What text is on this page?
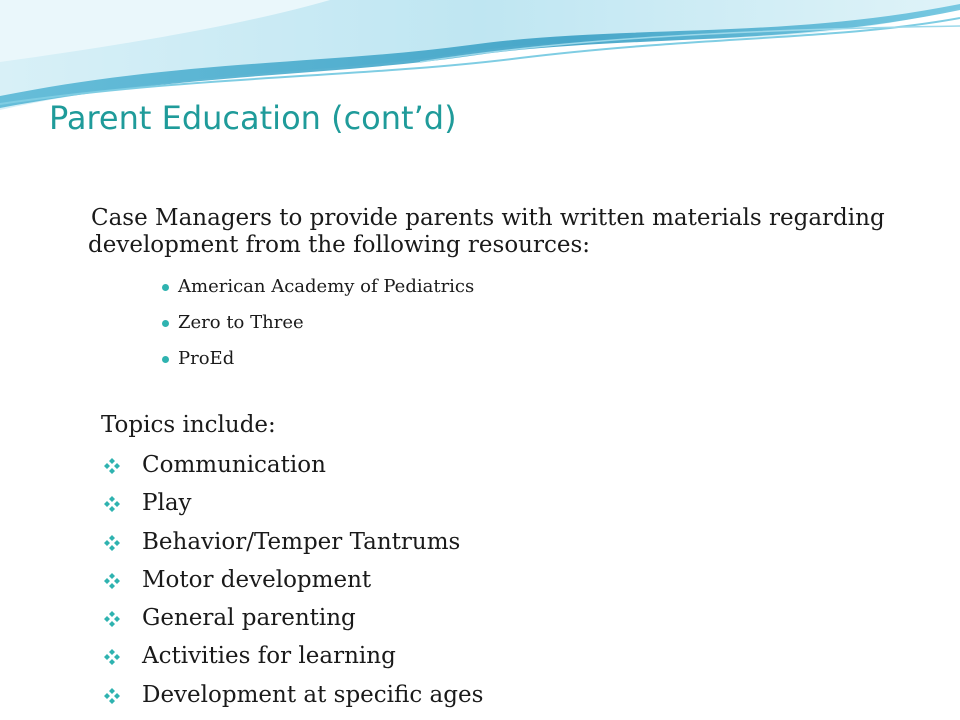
Parent Education (cont’d)

Case Managers to provide parents with written materials regarding development from the following resources:

American Academy of Pediatrics
Zero to Three
ProEd

Topics include:

Communication
Play
Behavior/Temper Tantrums
Motor development
General parenting
Activities for learning
Development at specific ages
